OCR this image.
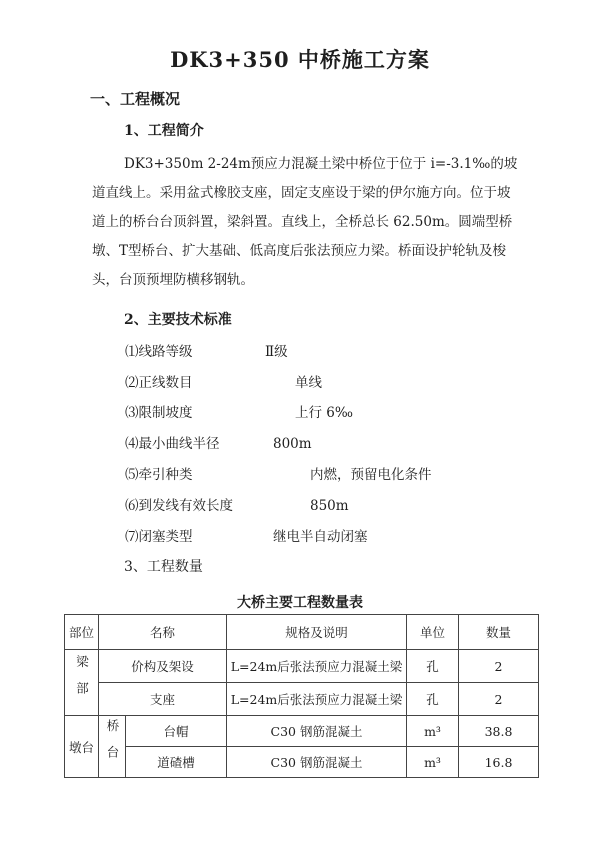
DK3+350 中桥施工方案
一、工程概况
1、工程简介

DK3+350m 2-24m预应力混凝土梁中桥位于位于 i=-3.1‰的坡道直线上。采用盆式橡胶支座，固定支座设于梁的伊尔施方向。位于坡道上的桥台台顶斜置，梁斜置。直线上，全桥总长 62.50m。圆端型桥墩、T型桥台、扩大基础、低高度后张法预应力梁。桥面设护轮轨及梭头，台顶预埋防横移钢轨。

2、主要技术标准
⑴线路等级	Ⅱ级
⑵正线数目	单线
⑶限制坡度	上行 6‰
⑷最小曲线半径	800m
⑸牵引种类	内燃，预留电化条件
⑹到发线有效长度	850m
⑺闭塞类型	继电半自动闭塞
3、工程数量
大桥主要工程数量表
部位	名称		规格及说明	单位	数量
梁部	价构及架设		L=24m后张法预应力混凝土梁	孔	2
	支座		L=24m后张法预应力混凝土梁	孔	2
墩台	桥台	台帽	C30 钢筋混凝土	m³	38.8
		道碴槽	C30 钢筋混凝土	m³	16.8
